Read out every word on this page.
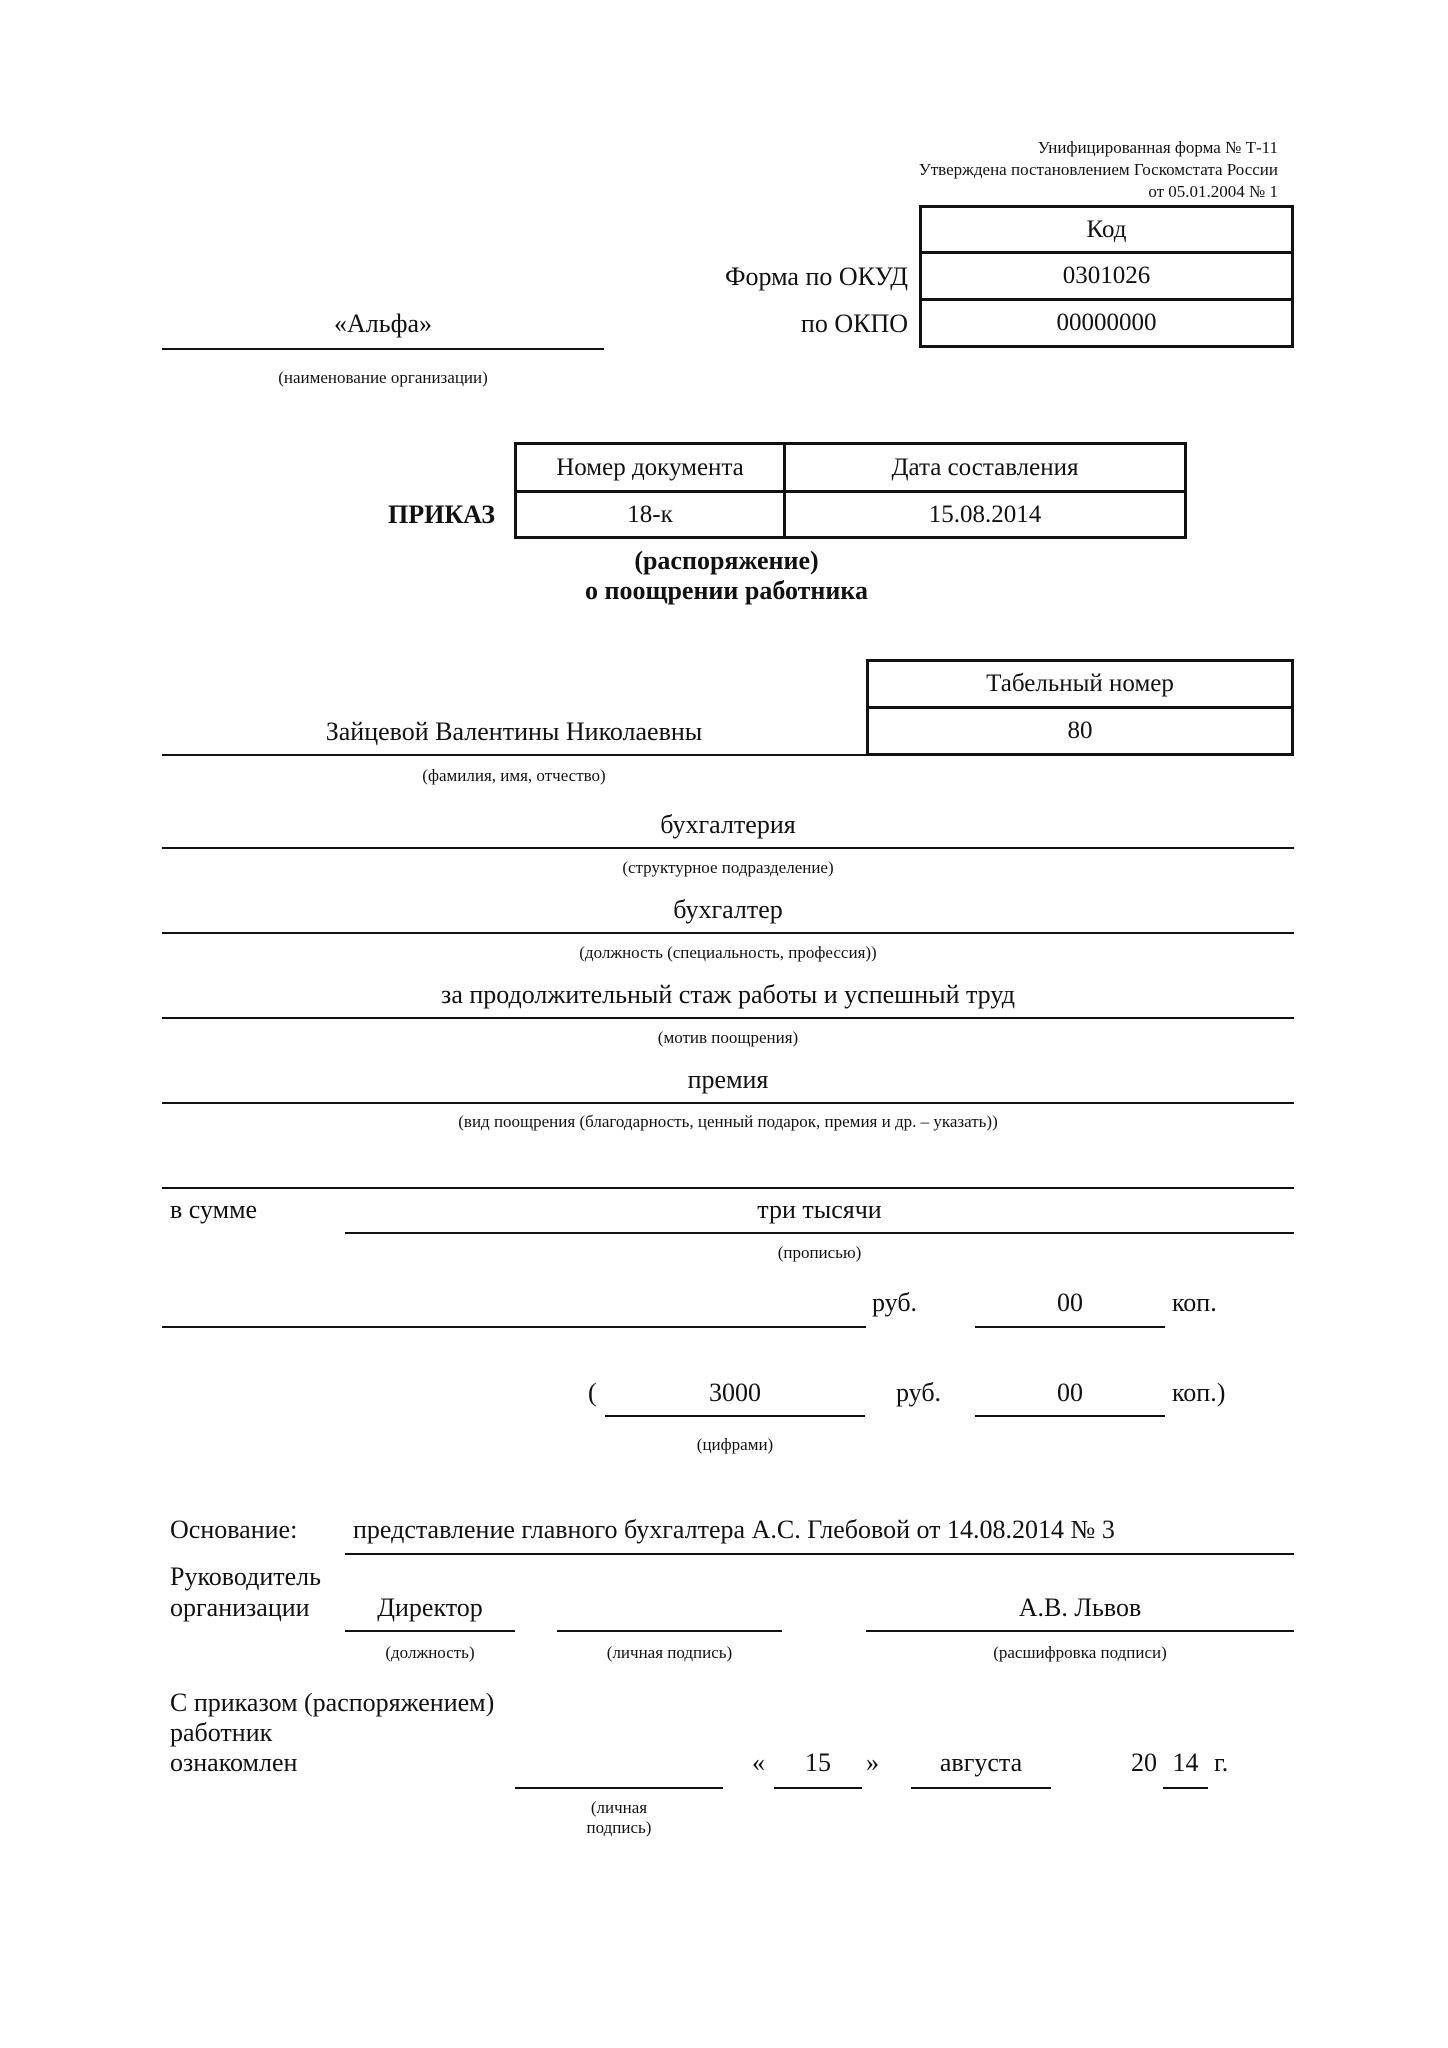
Унифицированная форма № Т-11
Утверждена постановлением Госкомстата России
от 05.01.2004 № 1
Код
0301026
00000000
Форма по ОКУД
по ОКПО
«Альфа»
(наименование организации)
ПРИКАЗ
Номер документа	Дата составления
18-к	15.08.2014
(распоряжение)
о поощрении работника
Табельный номер
80
Зайцевой Валентины Николаевны
(фамилия, имя, отчество)
бухгалтерия
(структурное подразделение)
бухгалтер
(должность (специальность, профессия))
за продолжительный стаж работы и успешный труд
(мотив поощрения)
премия
(вид поощрения (благодарность, ценный подарок, премия и др. – указать))
в сумме	три тысячи
(прописью)
руб.	00	коп.
(	3000	руб.	00	коп.)
(цифрами)
Основание: представление главного бухгалтера А.С. Глебовой от 14.08.2014 № 3
Руководитель
организации	Директор	А.В. Львов
(должность)	(личная подпись)	(расшифровка подписи)
С приказом (распоряжением)
работник
ознакомлен
(личная
подпись)
«	15	»	августа	20 14 г.
